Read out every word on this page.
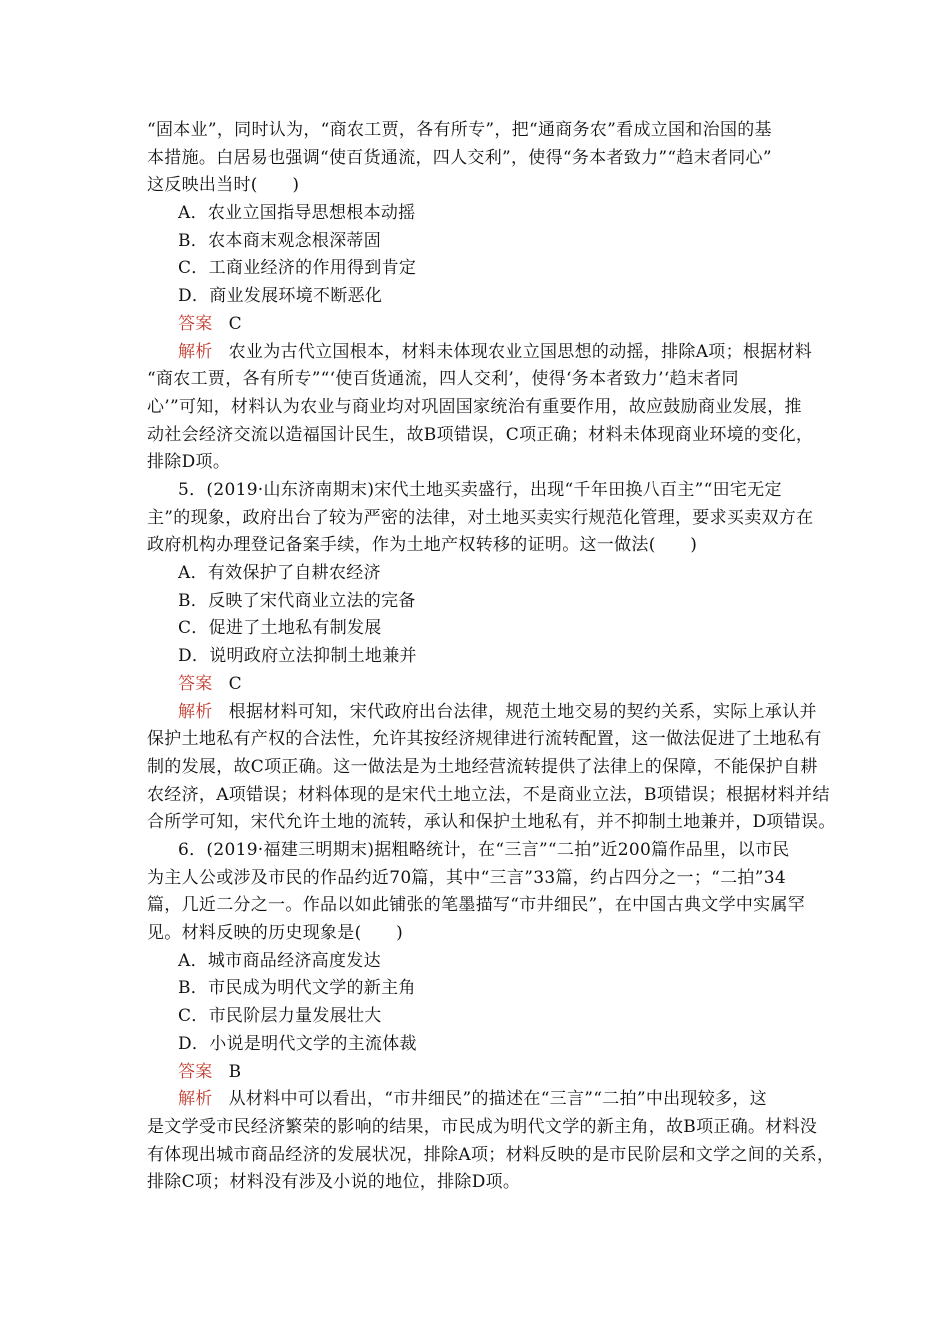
“固本业”，同时认为，“商农工贾，各有所专”，把“通商务农”看成立国和治国的基
本措施。白居易也强调“使百货通流，四人交利”，使得“务本者致力”“趋末者同心”
这反映出当时(　　)
A．农业立国指导思想根本动摇
B．农本商末观念根深蒂固
C．工商业经济的作用得到肯定
D．商业发展环境不断恶化
答案 C
解析 农业为古代立国根本，材料未体现农业立国思想的动摇，排除A项；根据材料
“商农工贾，各有所专”“‘使百货通流，四人交利’，使得‘务本者致力’‘趋末者同
心’”可知，材料认为农业与商业均对巩固国家统治有重要作用，故应鼓励商业发展，推
动社会经济交流以造福国计民生，故B项错误，C项正确；材料未体现商业环境的变化，
排除D项。
5．(2019·山东济南期末)宋代土地买卖盛行，出现“千年田换八百主”“田宅无定
主”的现象，政府出台了较为严密的法律，对土地买卖实行规范化管理，要求买卖双方在
政府机构办理登记备案手续，作为土地产权转移的证明。这一做法(　　)
A．有效保护了自耕农经济
B．反映了宋代商业立法的完备
C．促进了土地私有制发展
D．说明政府立法抑制土地兼并
答案 C
解析 根据材料可知，宋代政府出台法律，规范土地交易的契约关系，实际上承认并
保护土地私有产权的合法性，允许其按经济规律进行流转配置，这一做法促进了土地私有
制的发展，故C项正确。这一做法是为土地经营流转提供了法律上的保障，不能保护自耕
农经济，A项错误；材料体现的是宋代土地立法，不是商业立法，B项错误；根据材料并结
合所学可知，宋代允许土地的流转，承认和保护土地私有，并不抑制土地兼并，D项错误。
6．(2019·福建三明期末)据粗略统计，在“三言”“二拍”近200篇作品里，以市民
为主人公或涉及市民的作品约近70篇，其中“三言”33篇，约占四分之一；“二拍”34
篇，几近二分之一。作品以如此铺张的笔墨描写“市井细民”，在中国古典文学中实属罕
见。材料反映的历史现象是(　　)
A．城市商品经济高度发达
B．市民成为明代文学的新主角
C．市民阶层力量发展壮大
D．小说是明代文学的主流体裁
答案 B
解析 从材料中可以看出，“市井细民”的描述在“三言”“二拍”中出现较多，这
是文学受市民经济繁荣的影响的结果，市民成为明代文学的新主角，故B项正确。材料没
有体现出城市商品经济的发展状况，排除A项；材料反映的是市民阶层和文学之间的关系，
排除C项；材料没有涉及小说的地位，排除D项。
